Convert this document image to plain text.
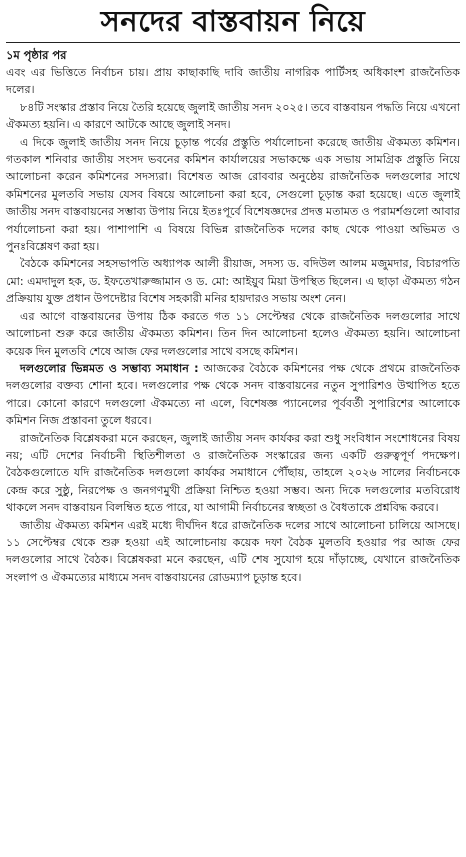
সনদের বাস্তবায়ন নিয়ে

১ম পৃষ্ঠার পর

এবং এর ভিত্তিতে নির্বাচন চায়। প্রায় কাছাকাছি দাবি জাতীয় নাগরিক পার্টিসহ অধিকাংশ রাজনৈতিক দলের।

৮৪টি সংস্কার প্রস্তাব নিয়ে তৈরি হয়েছে জুলাই জাতীয় সনদ ২০২৫। তবে বাস্তবায়ন পদ্ধতি নিয়ে এখনো ঐকমত্য হয়নি। এ কারণে আটকে আছে জুলাই সনদ।

এ দিকে জুলাই জাতীয় সনদ নিয়ে চূড়ান্ত পর্বের প্রস্তুতি পর্যালোচনা করেছে জাতীয় ঐকমত্য কমিশন। গতকাল শনিবার জাতীয় সংসদ ভবনের কমিশন কার্যালয়ের সভাকক্ষে এক সভায় সামগ্রিক প্রস্তুতি নিয়ে আলোচনা করেন কমিশনের সদস্যরা। বিশেষত আজ রোববার অনুষ্ঠেয় রাজনৈতিক দলগুলোর সাথে কমিশনের মুলতবি সভায় যেসব বিষয়ে আলোচনা করা হবে, সেগুলো চূড়ান্ত করা হয়েছে। এতে জুলাই জাতীয় সনদ বাস্তবায়নের সম্ভাব্য উপায় নিয়ে ইতঃপূর্বে বিশেষজ্ঞদের প্রদত্ত মতামত ও পরামর্শগুলো আবার পর্যালোচনা করা হয়। পাশাপাশি এ বিষয়ে বিভিন্ন রাজনৈতিক দলের কাছ থেকে পাওয়া অভিমত ও পুনঃবিশ্লেষণ করা হয়।

বৈঠকে কমিশনের সহসভাপতি অধ্যাপক আলী রীয়াজ, সদস্য ড. বদিউল আলম মজুমদার, বিচারপতি মো: এমদাদুল হক, ড. ইফতেখারুজ্জামান ও ড. মো: আইয়ুব মিয়া উপস্থিত ছিলেন। এ ছাড়া ঐকমত্য গঠন প্রক্রিয়ায় যুক্ত প্রধান উপদেষ্টার বিশেষ সহকারী মনির হায়দারও সভায় অংশ নেন।

এর আগে বাস্তবায়নের উপায় ঠিক করতে গত ১১ সেপ্টেম্বর থেকে রাজনৈতিক দলগুলোর সাথে আলোচনা শুরু করে জাতীয় ঐকমত্য কমিশন। তিন দিন আলোচনা হলেও ঐকমত্য হয়নি। আলোচনা কয়েক দিন মুলতবি শেষে আজ ফের দলগুলোর সাথে বসছে কমিশন।

দলগুলোর ভিন্নমত ও সম্ভাব্য সমাধান : আজকের বৈঠকে কমিশনের পক্ষ থেকে প্রথমে রাজনৈতিক দলগুলোর বক্তব্য শোনা হবে। দলগুলোর পক্ষ থেকে সনদ বাস্তবায়নের নতুন সুপারিশও উত্থাপিত হতে পারে। কোনো কারণে দলগুলো ঐকমত্যে না এলে, বিশেষজ্ঞ প্যানেলের পূর্ববর্তী সুপারিশের আলোকে কমিশন নিজ প্রস্তাবনা তুলে ধরবে।

রাজনৈতিক বিশ্লেষকরা মনে করছেন, জুলাই জাতীয় সনদ কার্যকর করা শুধু সংবিধান সংশোধনের বিষয় নয়; এটি দেশের নির্বাচনী স্থিতিশীলতা ও রাজনৈতিক সংস্কারের জন্য একটি গুরুত্বপূর্ণ পদক্ষেপ। বৈঠকগুলোতে যদি রাজনৈতিক দলগুলো কার্যকর সমাধানে পৌঁছায়, তাহলে ২০২৬ সালের নির্বাচনকে কেন্দ্র করে সুষ্ঠু, নিরপেক্ষ ও জনগণমুখী প্রক্রিয়া নিশ্চিত হওয়া সম্ভব। অন্য দিকে দলগুলোর মতবিরোধ থাকলে সনদ বাস্তবায়ন বিলম্বিত হতে পারে, যা আগামী নির্বাচনের স্বচ্ছতা ও বৈধতাকে প্রশ্নবিদ্ধ করবে।

জাতীয় ঐকমত্য কমিশন এরই মধ্যে দীর্ঘদিন ধরে রাজনৈতিক দলের সাথে আলোচনা চালিয়ে আসছে। ১১ সেপ্টেম্বর থেকে শুরু হওয়া এই আলোচনায় কয়েক দফা বৈঠক মুলতবি হওয়ার পর আজ ফের দলগুলোর সাথে বৈঠক। বিশ্লেষকরা মনে করছেন, এটি শেষ সুযোগ হয়ে দাঁড়াচ্ছে, যেখানে রাজনৈতিক সংলাপ ও ঐকমত্যের মাধ্যমে সনদ বাস্তবায়নের রোডম্যাপ চূড়ান্ত হবে।
